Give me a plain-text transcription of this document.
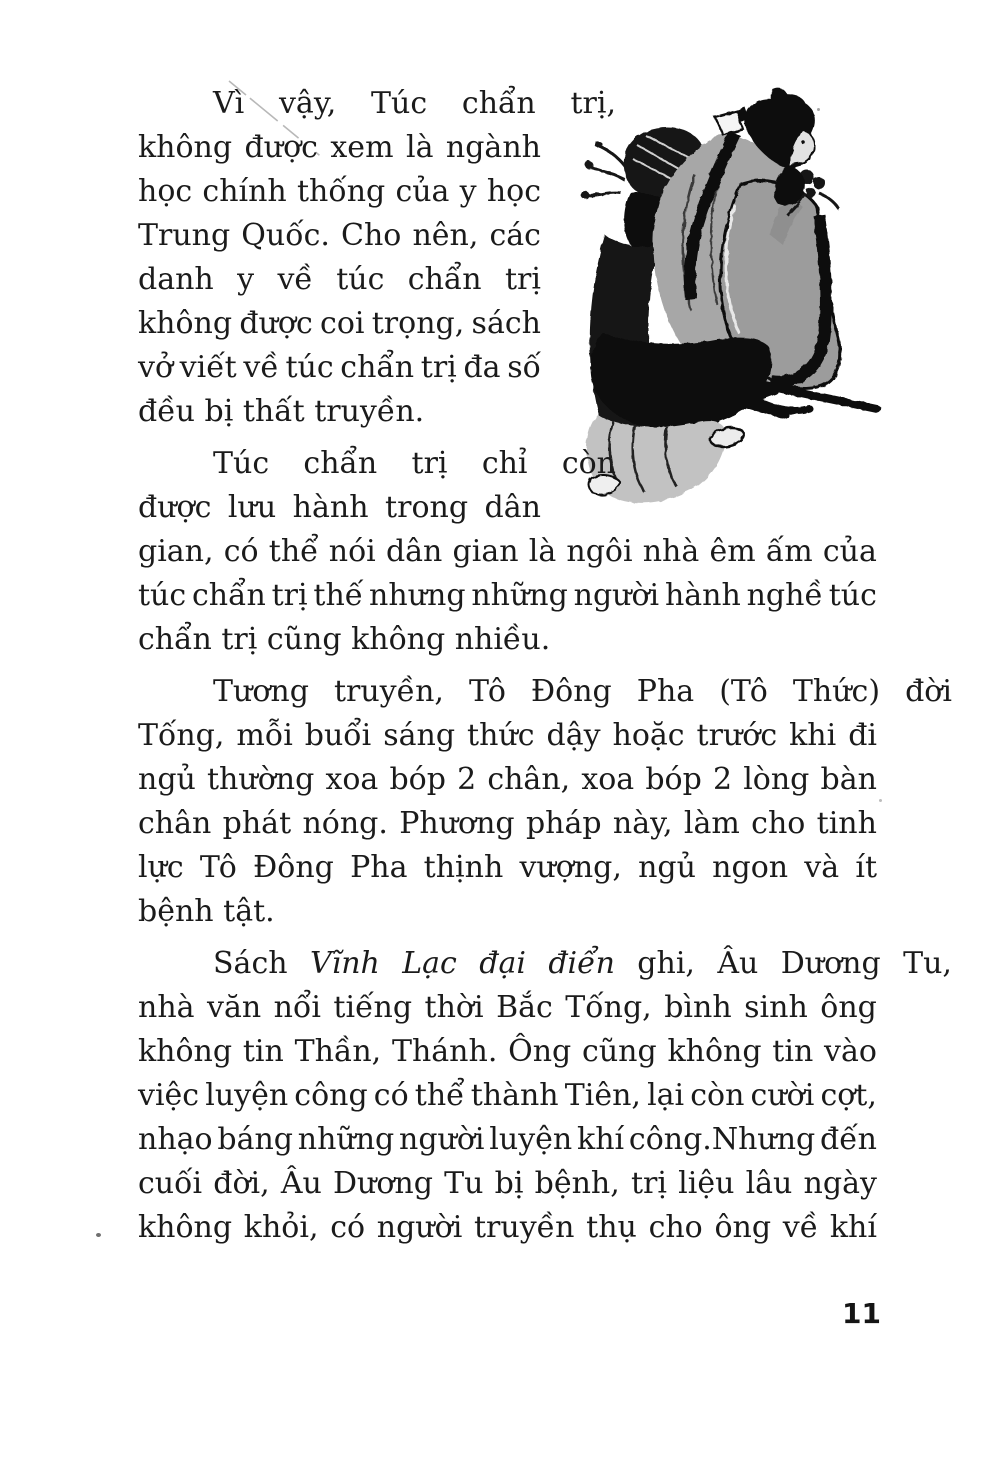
Vì vậy, Túc chẩn trị,
không được xem là ngành
học chính thống của y học
Trung Quốc. Cho nên, các
danh y về túc chẩn trị
không được coi trọng, sách
vở viết về túc chẩn trị đa số
đều bị thất truyền.
Túc chẩn trị chỉ còn
được lưu hành trong dân
gian, có thể nói dân gian là ngôi nhà êm ấm của
túc chẩn trị thế nhưng những người hành nghề túc
chẩn trị cũng không nhiều.
Tương truyền, Tô Đông Pha (Tô Thức) đời
Tống, mỗi buổi sáng thức dậy hoặc trước khi đi
ngủ thường xoa bóp 2 chân, xoa bóp 2 lòng bàn
chân phát nóng. Phương pháp này, làm cho tinh
lực Tô Đông Pha thịnh vượng, ngủ ngon và ít
bệnh tật.
Sách Vĩnh Lạc đại điển ghi, Âu Dương Tu,
nhà văn nổi tiếng thời Bắc Tống, bình sinh ông
không tin Thần, Thánh. Ông cũng không tin vào
việc luyện công có thể thành Tiên, lại còn cười cợt,
nhạo báng những người luyện khí công.Nhưng đến
cuối đời, Âu Dương Tu bị bệnh, trị liệu lâu ngày
không khỏi, có người truyền thụ cho ông về khí
11
